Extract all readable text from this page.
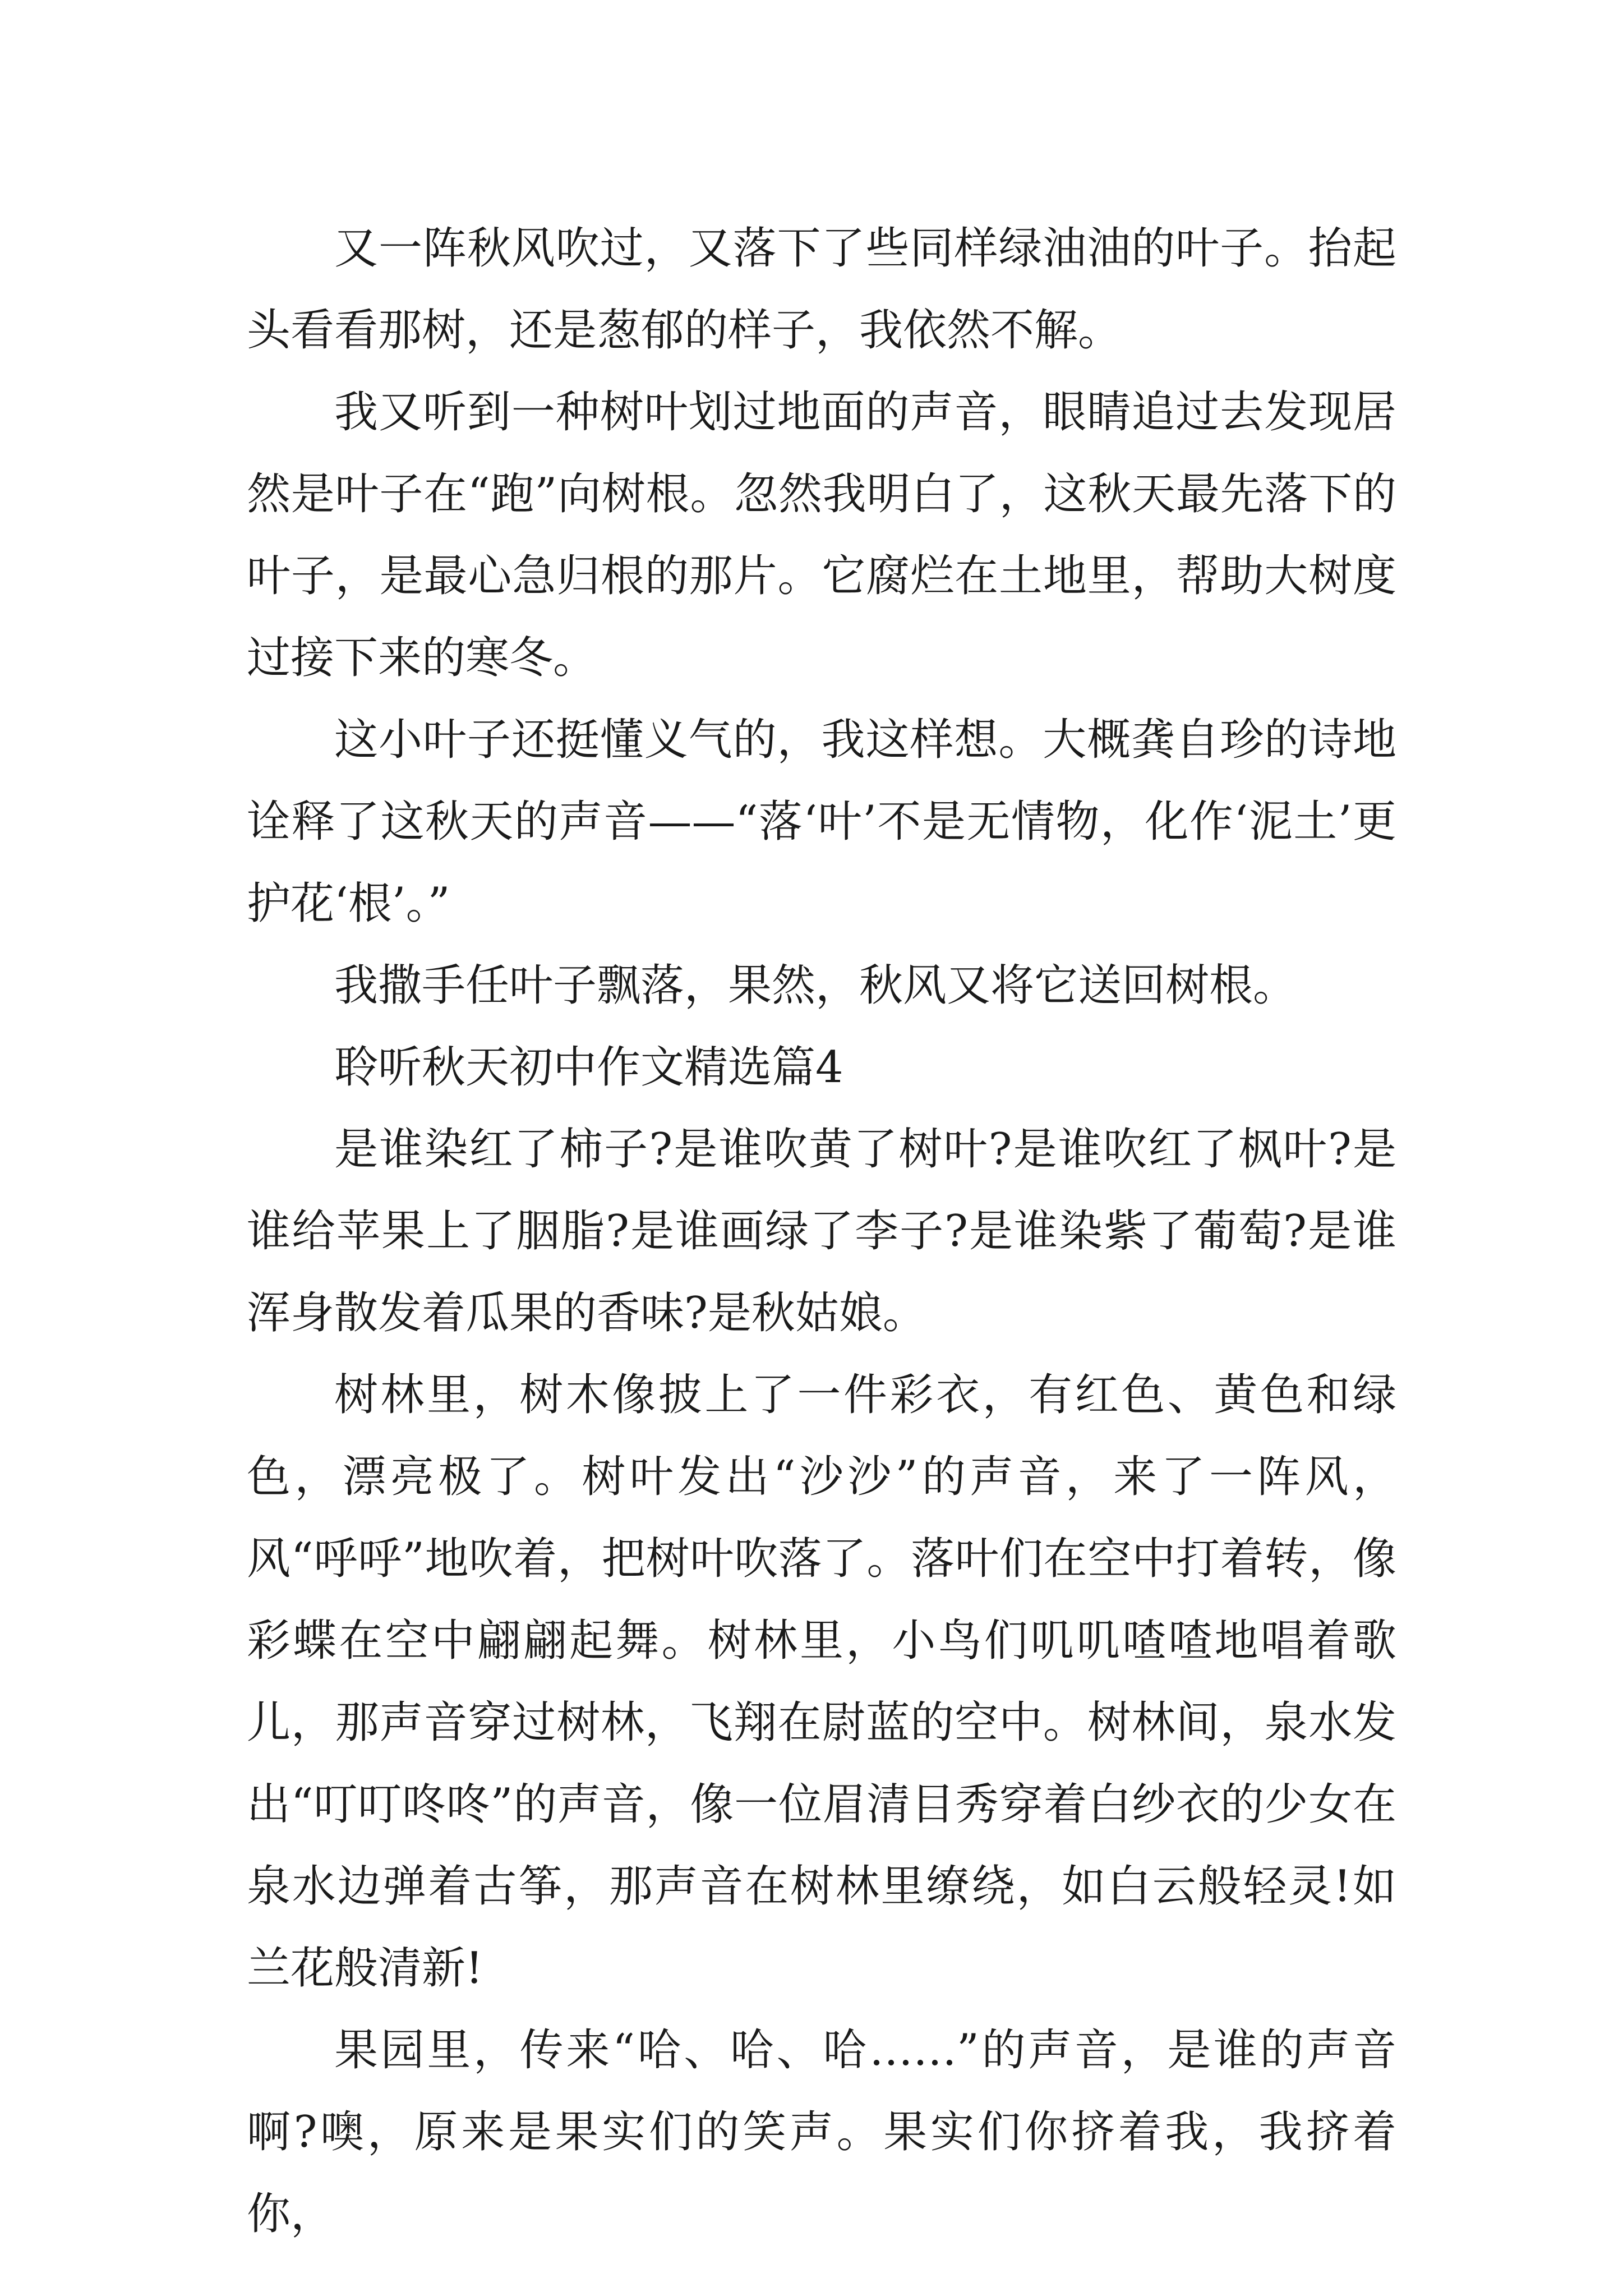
又一阵秋风吹过，又落下了些同样绿油油的叶子。抬起头看看那树，还是葱郁的样子，我依然不解。

我又听到一种树叶划过地面的声音，眼睛追过去发现居然是叶子在“跑”向树根。忽然我明白了，这秋天最先落下的叶子，是最心急归根的那片。它腐烂在土地里，帮助大树度过接下来的寒冬。

这小叶子还挺懂义气的，我这样想。大概龚自珍的诗地诠释了这秋天的声音——“落‘叶’不是无情物，化作‘泥土’更护花‘根’。”

我撒手任叶子飘落，果然，秋风又将它送回树根。

聆听秋天初中作文精选篇4

是谁染红了柿子?是谁吹黄了树叶?是谁吹红了枫叶?是谁给苹果上了胭脂?是谁画绿了李子?是谁染紫了葡萄?是谁浑身散发着瓜果的香味?是秋姑娘。

树林里，树木像披上了一件彩衣，有红色、黄色和绿色，漂亮极了。树叶发出“沙沙”的声音，来了一阵风，风“呼呼”地吹着，把树叶吹落了。落叶们在空中打着转，像彩蝶在空中翩翩起舞。树林里，小鸟们叽叽喳喳地唱着歌儿，那声音穿过树林，飞翔在尉蓝的空中。树林间，泉水发出“叮叮咚咚”的声音，像一位眉清目秀穿着白纱衣的少女在泉水边弹着古筝，那声音在树林里缭绕，如白云般轻灵!如兰花般清新!

果园里，传来“哈、哈、哈……”的声音，是谁的声音啊?噢，原来是果实们的笑声。果实们你挤着我，我挤着你，
